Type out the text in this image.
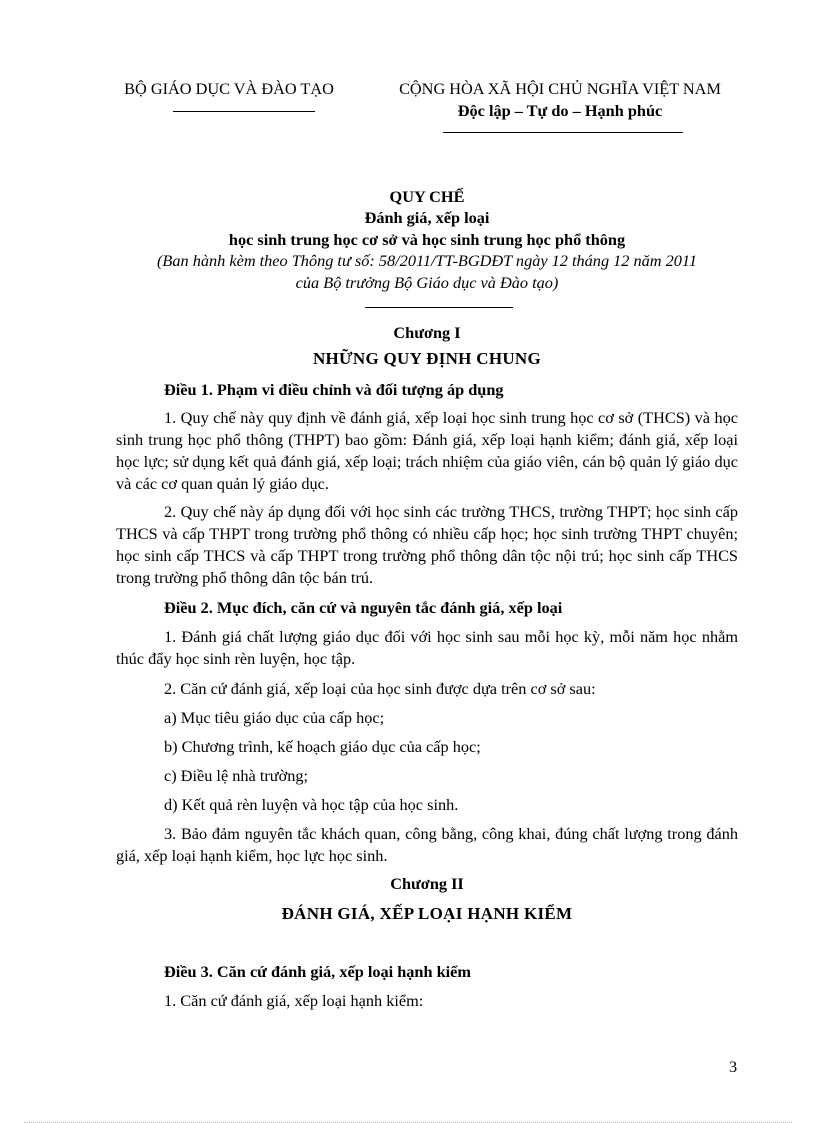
BỘ GIÁO DỤC VÀ ĐÀO TẠO	CỘNG HÒA XÃ HỘI CHỦ NGHĨA VIỆT NAM
Độc lập – Tự do – Hạnh phúc
QUY CHẾ
Đánh giá, xếp loại
học sinh trung học cơ sở và học sinh trung học phổ thông
(Ban hành kèm theo Thông tư số: 58/2011/TT-BGDĐT ngày 12 tháng 12 năm 2011
của Bộ trưởng Bộ Giáo dục và Đào tạo)
Chương I
NHỮNG QUY ĐỊNH CHUNG
Điều 1. Phạm vi điều chỉnh và đối tượng áp dụng
1. Quy chế này quy định về đánh giá, xếp loại học sinh trung học cơ sở (THCS) và học sinh trung học phổ thông (THPT) bao gồm: Đánh giá, xếp loại hạnh kiểm; đánh giá, xếp loại học lực; sử dụng kết quả đánh giá, xếp loại; trách nhiệm của giáo viên, cán bộ quản lý giáo dục và các cơ quan quản lý giáo dục.
2. Quy chế này áp dụng đối với học sinh các trường THCS, trường THPT; học sinh cấp THCS và cấp THPT trong trường phổ thông có nhiều cấp học; học sinh trường THPT chuyên; học sinh cấp THCS và cấp THPT trong trường phổ thông dân tộc nội trú; học sinh cấp THCS trong trường phổ thông dân tộc bán trú.
Điều 2. Mục đích, căn cứ và nguyên tắc đánh giá, xếp loại
1. Đánh giá chất lượng giáo dục đối với học sinh sau mỗi học kỳ, mỗi năm học nhằm thúc đẩy học sinh rèn luyện, học tập.
2. Căn cứ đánh giá, xếp loại của học sinh được dựa trên cơ sở sau:
a) Mục tiêu giáo dục của cấp học;
b) Chương trình, kế hoạch giáo dục của cấp học;
c) Điều lệ nhà trường;
d) Kết quả rèn luyện và học tập của học sinh.
3. Bảo đảm nguyên tắc khách quan, công bằng, công khai, đúng chất lượng trong đánh giá, xếp loại hạnh kiểm, học lực học sinh.
Chương II
ĐÁNH GIÁ, XẾP LOẠI HẠNH KIỂM
Điều 3. Căn cứ đánh giá, xếp loại hạnh kiểm
1. Căn cứ đánh giá, xếp loại hạnh kiểm:
3
